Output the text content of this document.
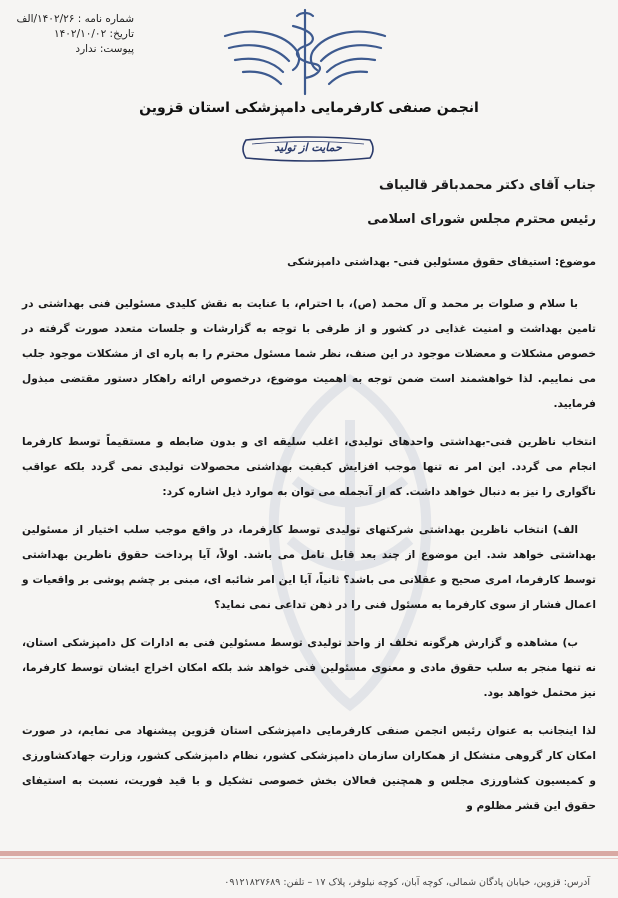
شماره نامه : ۱۴۰۲/۲۶/الف
تاریخ: ۱۴۰۲/۱۰/۰۲
پیوست: ندارد
انجمن صنفی کارفرمایی دامپزشکی استان قزوین
حمایت از تولید
جناب آقای دکتر محمدباقر قالیباف
رئیس محترم مجلس شورای اسلامی
موضوع: استیفای حقوق مسئولین فنی- بهداشتی دامپزشکی

با سلام و صلوات بر محمد و آل محمد (ص)، با احترام، با عنایت به نقش کلیدی مسئولین فنی بهداشتی در تامین بهداشت و امنیت غذایی در کشور و از طرفی با توجه به گزارشات و جلسات متعدد صورت گرفته در خصوص مشکلات و معضلات موجود در این صنف، نظر شما مسئول محترم را به پاره ای از مشکلات موجود جلب می نماییم. لذا خواهشمند است ضمن توجه به اهمیت موضوع، درخصوص ارائه راهکار دستور مقتضی مبذول فرمایید.

انتخاب ناظرین فنی-بهداشتی واحدهای تولیدی، اغلب سلیقه ای و بدون ضابطه و مستقیماً توسط کارفرما انجام می گردد. این امر نه تنها موجب افزایش کیفیت بهداشتی محصولات تولیدی نمی گردد بلکه عواقب ناگواری را نیز به دنبال خواهد داشت. که از آنجمله می توان به موارد ذیل اشاره کرد:

الف) انتخاب ناظرین بهداشتی شرکتهای تولیدی توسط کارفرما، در واقع موجب سلب اختیار از مسئولین بهداشتی خواهد شد. این موضوع از چند بعد قابل تامل می باشد. اولاً، آیا پرداخت حقوق ناظرین بهداشتی توسط کارفرما، امری صحیح و عقلانی می باشد؟ ثانیاً، آیا این امر شائبه ای، مبنی بر چشم پوشی بر واقعیات و اعمال فشار از سوی کارفرما به مسئول فنی را در ذهن تداعی نمی نماید؟

ب) مشاهده و گزارش هرگونه تخلف از واحد تولیدی توسط مسئولین فنی به ادارات کل دامپزشکی استان، نه تنها منجر به سلب حقوق مادی و معنوی مسئولین فنی خواهد شد بلکه امکان اخراج ایشان توسط کارفرما، نیز محتمل خواهد بود.

لذا اینجانب به عنوان رئیس انجمن صنفی کارفرمایی دامپزشکی استان قزوین پیشنهاد می نمایم، در صورت امکان کار گروهی متشکل از همکاران سازمان دامپزشکی کشور، نظام دامپزشکی کشور، وزارت جهادکشاورزی و کمیسیون کشاورزی مجلس و همچنین فعالان بخش خصوصی تشکیل و با قید فوریت، نسبت به استیفای حقوق این قشر مظلوم و

آدرس: قزوین، خیابان پادگان شمالی، کوچه آبان، کوچه نیلوفر، پلاک ۱۷ – تلفن: ۰۹۱۲۱۸۲۷۶۸۹
